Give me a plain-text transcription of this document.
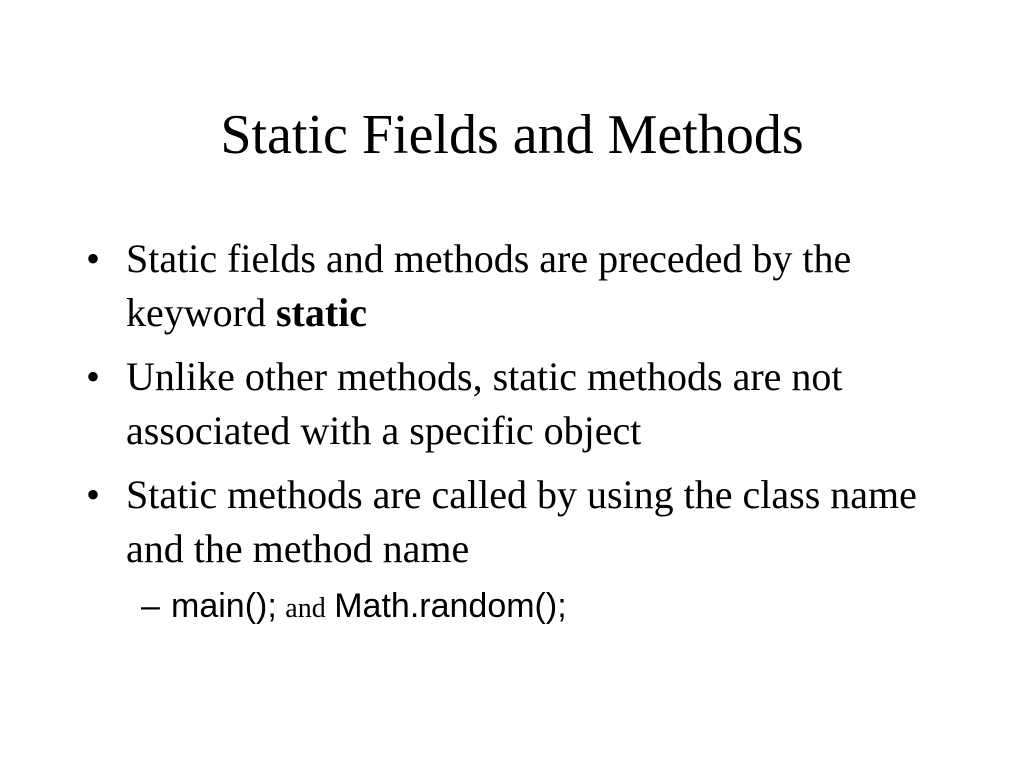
Static Fields and Methods
• Static fields and methods are preceded by the keyword static
• Unlike other methods, static methods are not associated with a specific object
• Static methods are called by using the class name and the method name
– main(); and Math.random();
